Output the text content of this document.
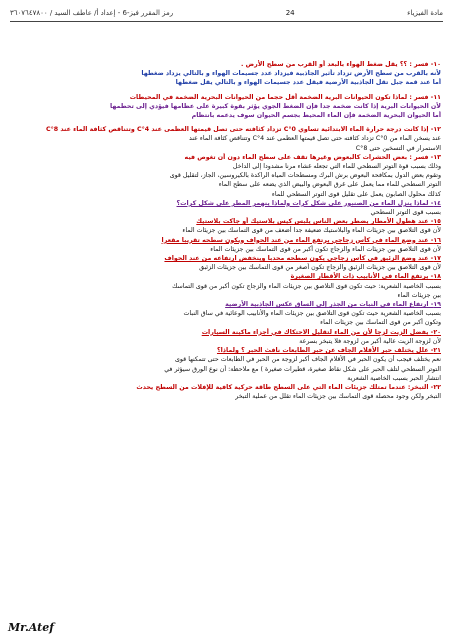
مادة الفيزياء
24
رمز المقرر فيز-6 - إعداد أ/ عاطف السيد / ٣٦٠٧٦٤٧٨٠٠
١٠- فسر : ؟؟ يقل ضغط الهواء بالبعد أو القرب من سطح الأرض .
لأنه بالقرب من سطح الأرض تزداد تأثير الجاذبية فيزداد عدد جسيمات الهواء و بالتالي يزداد ضغطها
أما عند قمة جبل تقل الجاذبية الأرضية فيقل عدد جسيمات الهواء و بالتالي يقل ضغطها
١١- فسر : لماذا تكون الحيوانات البرية الضخمة أقل حجما من الحيوانات البحرية الضخمة في المحيطات
لأن الحيوانات البرية إذا كانت ضخمة جدا فإن الضغط الجوي يؤثر بقوة كبيرة على عظامها فيؤدي إلى تحطمها
أما الحيوان البحرية الضخمة فإن الماء المحيط بجسم الحيوان سوف يدعمه بانتظام
١٢- إذا كانت درجة حرارة الماء الابتدائية تساوي 0°C تزداد كثافته حتى تصل قيمتها العظمى عند 4°C وتتناقص كثافة الماء عند 8°C
عند يسخن الماء من 0°C تزداد كثافته حتى تصل قيمتها العظمى عند 4°C وتتناقص كثافة الماء عند
الاستمرار في التسخين حتى 8°C
١٣- فسر : بعض الحشرات كالبعوض وغيرها تقف على سطح الماء دون أن تغوص فيه
وذلك بسبب قوة التوتر السطحي للماء التي تجعله غشاء مرنا مشدودا إلى الداخل
وتقوم بعض الدول بمكافحة البعوض برش البرك ومسطحات المياه الراكدة بالكيروسين، الجاز، لتقليل قوى
التوتر السطحي للماء مما يعمل على غرق البعوض والبيض الذي يضعه على سطح الماء
كذلك محلول الصابون يعمل على تقليل قوى التوتر السطحي للماء
١٤- لماذا ينزل الماء من الصنبور على شكل كرات ولماذا ينهمر المطر على شكل كرات؟
بسبب قوى التوتر السطحي
١٥- عند هطول الأمطار يضطر بعض الناس يلبس كيس بلاستيك أو جاكت بلاستيك
لأن قوى التلاصق بين جزيئات الماء والبلاستيك ضعيفة جدا أضعف من قوى التماسك بين جزيئات الماء
١٦- عند وضع الماء في كأس زجاجي يرتفع الماء من عند الحواف ويكون سطحه تقريبا مقعرا
لأن قوى التلاصق بين جزيئات الماء والزجاج تكون أكبر من قوى التماسك بين جزيئات الماء
١٧- عند وضع الزئبق في كأس زجاجي يكون سطحه محدبا وينخفض ارتفاعه من عند الحواف
لأن قوى التلاصق بين جزيئات الزئبق والزجاج تكون أصغر من قوى التماسك بين جزيئات الزئبق
١٨- يرتفع الماء في الأنابيب ذات الأقطار الصغيرة
بسبب الخاصية الشعرية: حيث تكون قوى التلاصق بين جزيئات الماء والزجاج تكون أكبر من قوى التماسك
بين جزيئات الماء
١٩- ارتفاع الماء في النبات من الجذر إلى الساق عكس الجاذبية الأرضية
بسبب الخاصية الشعرية حيث تكون قوى التلاصق بين جزيئات الماء والأنابيب الوعائية في ساق النبات
وتكون أكبر من قوى التماسك بين جزيئات الماء
٢٠- يفضل الزيت لزجا لأن من الماء لتقليل الاحتكاك في أجزاء ماكينة السيارات
لأن لزوجة الزيت عالية أكبر من لزوجة فلا يتبخر بسرعة
٢١- علل يختلف حبر الأقلام الجاف عن حبر الطابعات نافث الحبر ؟ ولماذا؟
نعم يختلف فيجب أن يكون الحبر في الأقلام الجاف أكبر لزوجة من الحبر في الطابعات حتى تتمكنها قوى
التوتر السطحي لتلف الحبر على شكل نقاط صغيرة، قطيرات صغيرة ) مع ملاحظة: أن نوع الورق سيؤثر في
انتشار الحبر بسبب الخاصية الشعرية
٢٢- التبخر: عندما تمتلك جزيئات الماء التي على السطح طاقة حركية كافية للإفلات من السطح يحدث
التبخر ولكن وجود محصلة قوى التماسك بين جزيئات الماء تقلل من عملية التبخر
Mr.Atef
